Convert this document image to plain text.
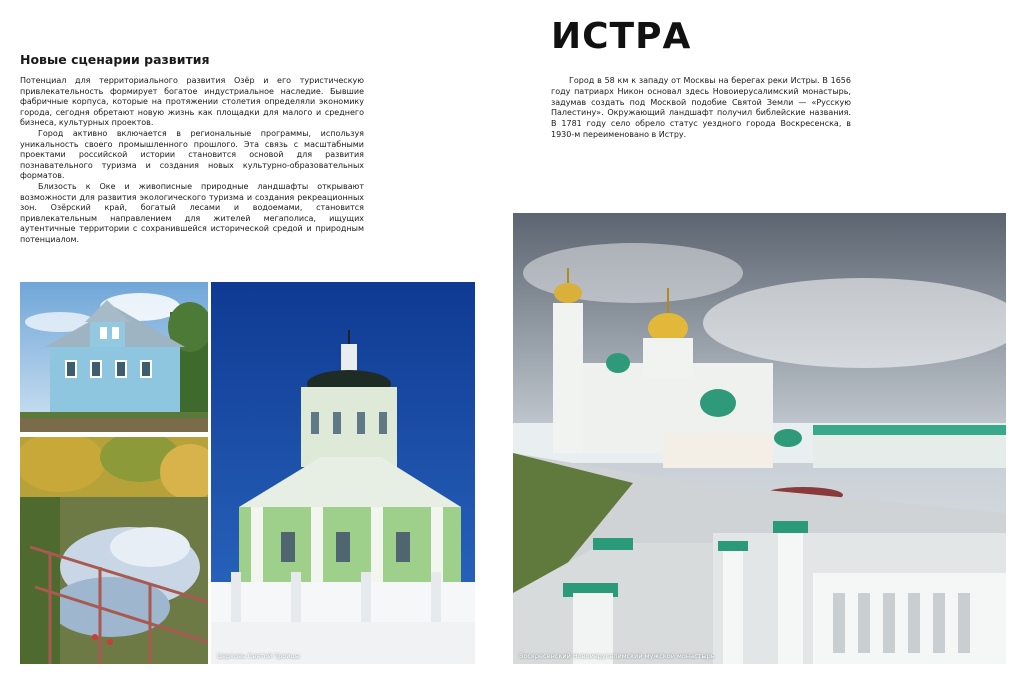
Новые сценарии развития

Потенциал для территориального развития Озёр и его туристическую привлекательность формирует богатое индустриальное наследие. Бывшие фабричные корпуса, которые на протяжении столетия определяли экономику города, сегодня обретают новую жизнь как площадки для малого и среднего бизнеса, культурных проектов.

Город активно включается в региональные программы, используя уникальность своего промышленного прошлого. Эта связь с масштабными проектами российской истории становится основой для развития познавательного туризма и создания новых культурно-образовательных форматов.

Близость к Оке и живописные природные ландшафты открывают возможности для развития экологического туризма и создания рекреационных зон. Озёрский край, богатый лесами и водоемами, становится привлекательным направлением для жителей мегаполиса, ищущих аутентичные территории с сохранившейся исторической средой и природным потенциалом.

ИСТРА

Город в 58 км к западу от Москвы на берегах реки Истры. В 1656 году патриарх Никон основал здесь Новоиерусалимский монастырь, задумав создать под Москвой подобие Святой Земли — «Русскую Палестину». Окружающий ландшафт получил библейские названия. В 1781 году село обрело статус уездного города Воскресенска, в 1930-м переименовано в Истру.

Церковь Святой Троицы	Воскресенский Новоиерусалимский мужской монастырь
